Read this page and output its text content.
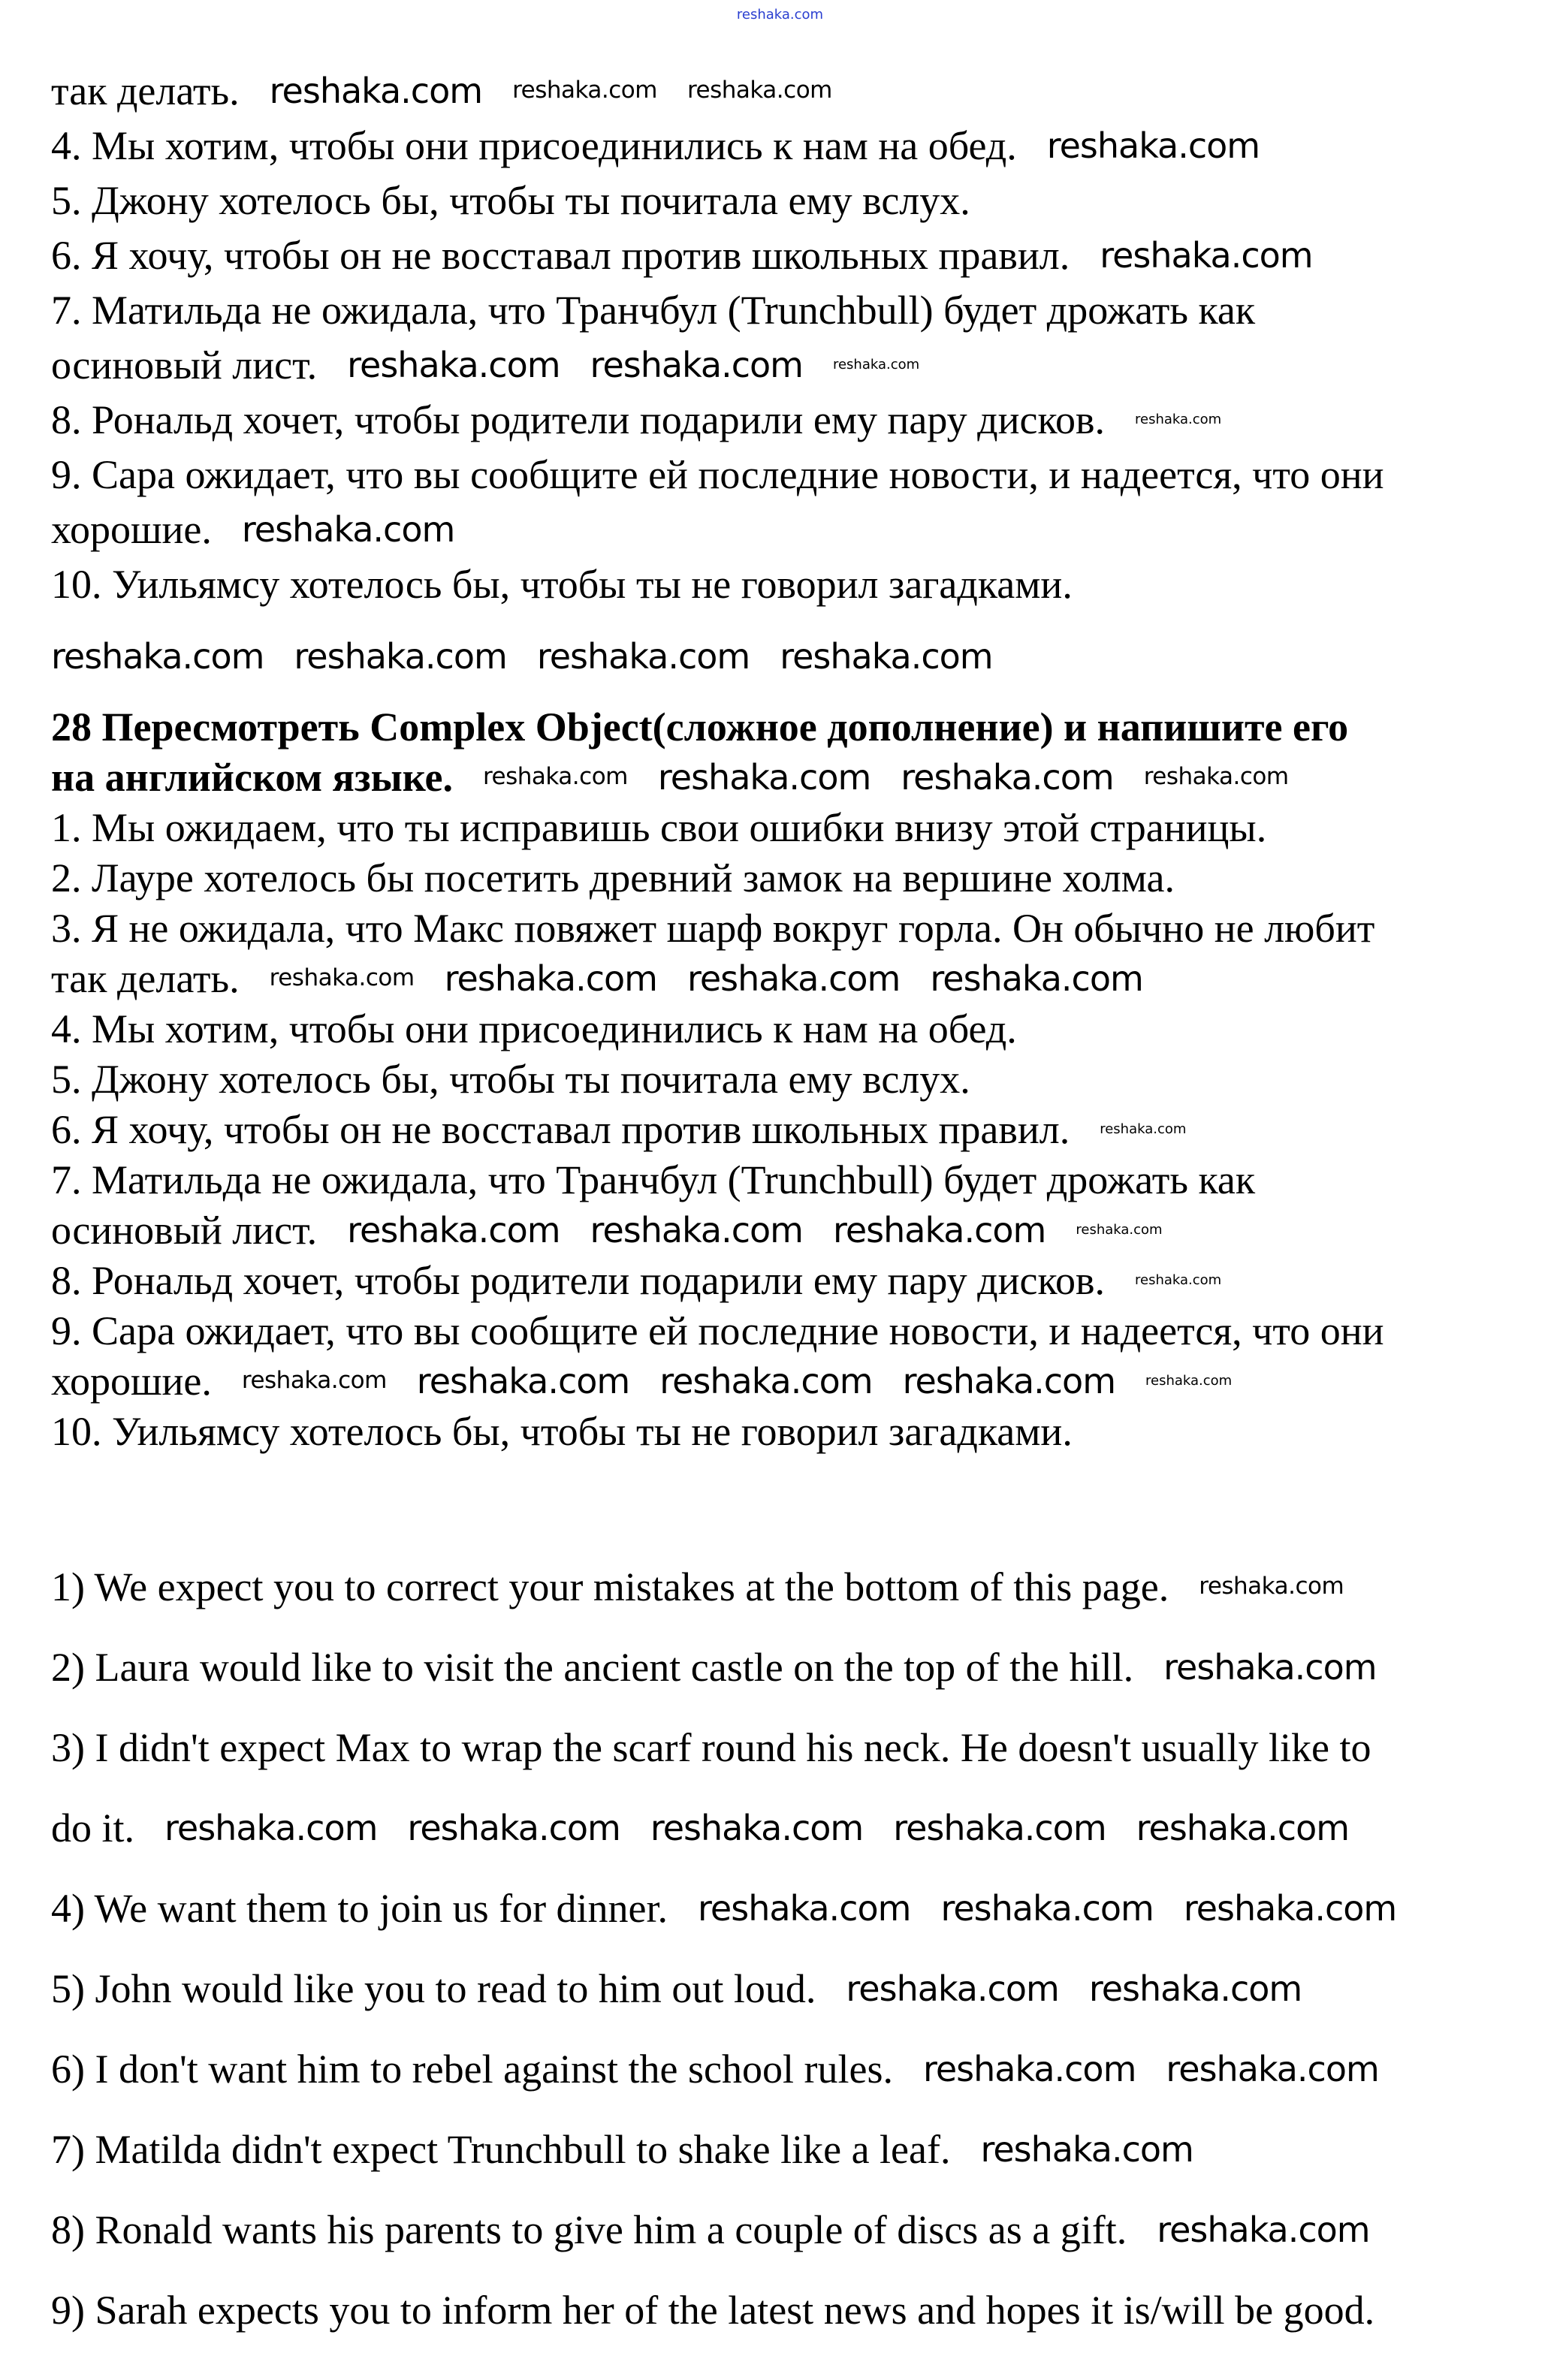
reshaka.com
так делать. reshaka.com reshaka.com reshaka.com
4. Мы хотим, чтобы они присоединились к нам на обед. reshaka.com
5. Джону хотелось бы, чтобы ты почитала ему вслух.
6. Я хочу, чтобы он не восставал против школьных правил. reshaka.com
7. Матильда не ожидала, что Транчбул (Trunchbull) будет дрожать как
осиновый лист. reshaka.com reshaka.com reshaka.com
8. Рональд хочет, чтобы родители подарили ему пару дисков. reshaka.com
9. Сара ожидает, что вы сообщите ей последние новости, и надеется, что они
хорошие. reshaka.com
10. Уильямсу хотелось бы, чтобы ты не говорил загадками.
reshaka.com reshaka.com reshaka.com reshaka.com
28 Пересмотреть Complex Object(сложное дополнение) и напишите его
на английском языке. reshaka.com reshaka.com reshaka.com reshaka.com
1. Мы ожидаем, что ты исправишь свои ошибки внизу этой страницы.
2. Лауре хотелось бы посетить древний замок на вершине холма.
3. Я не ожидала, что Макс повяжет шарф вокруг горла. Он обычно не любит
так делать. reshaka.com reshaka.com reshaka.com reshaka.com
4. Мы хотим, чтобы они присоединились к нам на обед.
5. Джону хотелось бы, чтобы ты почитала ему вслух.
6. Я хочу, чтобы он не восставал против школьных правил. reshaka.com
7. Матильда не ожидала, что Транчбул (Trunchbull) будет дрожать как
осиновый лист. reshaka.com reshaka.com reshaka.com reshaka.com
8. Рональд хочет, чтобы родители подарили ему пару дисков. reshaka.com
9. Сара ожидает, что вы сообщите ей последние новости, и надеется, что они
хорошие. reshaka.com reshaka.com reshaka.com reshaka.com reshaka.com
10. Уильямсу хотелось бы, чтобы ты не говорил загадками.
1) We expect you to correct your mistakes at the bottom of this page. reshaka.com
2) Laura would like to visit the ancient castle on the top of the hill. reshaka.com
3) I didn't expect Max to wrap the scarf round his neck. He doesn't usually like to
do it. reshaka.com reshaka.com reshaka.com reshaka.com reshaka.com
4) We want them to join us for dinner. reshaka.com reshaka.com reshaka.com
5) John would like you to read to him out loud. reshaka.com reshaka.com
6) I don't want him to rebel against the school rules. reshaka.com reshaka.com
7) Matilda didn't expect Trunchbull to shake like a leaf. reshaka.com
8) Ronald wants his parents to give him a couple of discs as a gift. reshaka.com
9) Sarah expects you to inform her of the latest news and hopes it is/will be good.
